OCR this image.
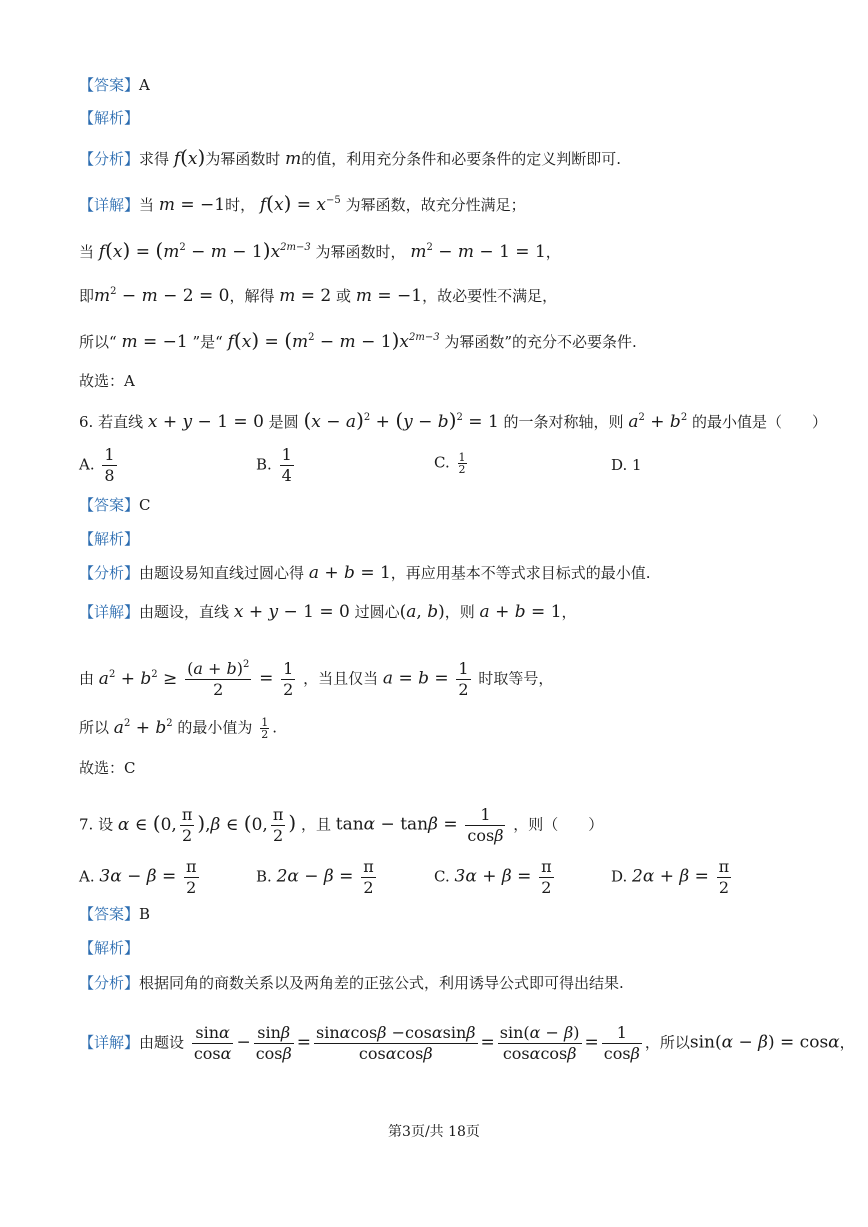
【答案】A
【解析】
【分析】求得 f(x)为幂函数时 m的值，利用充分条件和必要条件的定义判断即可.
【详解】当 m = −1时， $f(x) = x^{-5}$ 为幂函数，故充分性满足；
当 $f(x) = (m^2 - m - 1)x^{2m-3}$ 为幂函数时， $m^2 - m - 1 = 1$，
即$m^2 - m - 2 = 0$，解得 m = 2 或 m = −1，故必要性不满足，
所以“ m = −1 ”是“ $f(x) = (m^2 - m - 1)x^{2m-3}$ 为幂函数”的充分不必要条件.
故选：A
6. 若直线 x + y − 1 = 0 是圆 $(x - a)^2 + (y - b)^2 = 1$ 的一条对称轴，则 $a^2 + b^2$ 的最小值是（　　）
A. $\frac{1}{8}$	B. $\frac{1}{4}$	C. $\frac{1}{2}$	D. 1
【答案】C
【解析】
【分析】由题设易知直线过圆心得 a + b = 1，再应用基本不等式求目标式的最小值.
【详解】由题设，直线 x + y − 1 = 0 过圆心(a, b)，则 a + b = 1，
由 $a^2 + b^2 \ge \frac{(a + b)^2}{2} = \frac{1}{2}$ ，当且仅当 $a = b = \frac{1}{2}$ 时取等号，
所以 $a^2 + b^2$ 的最小值为 $\frac{1}{2}$ .
故选：C
7. 设 α ∈ (0, $\frac{\pi}{2} ),\beta$ ∈ (0, $\frac{\pi}{2}$ ) ，且 $\tan\alpha - \tan\beta = \frac{1}{\cos\beta}$ ，则（　　）
A. $3\alpha - \beta = \frac{\pi}{2}$	B. $2\alpha - \beta = \frac{\pi}{2}$	C. $3\alpha + \beta = \frac{\pi}{2}$	D. $2\alpha + \beta = \frac{\pi}{2}$
【答案】B
【解析】
【分析】根据同角的商数关系以及两角差的正弦公式，利用诱导公式即可得出结果.
【详解】由题设 $\frac{\sin\alpha}{\cos\alpha} - \frac{\sin\beta}{\cos\beta} = \frac{\sin\alpha\cos\beta -\cos\alpha\sin\beta}{\cos\alpha\cos\beta} = \frac{\sin(\alpha - \beta)}{\cos\alpha\cos\beta} = \frac{1}{\cos\beta}$ ，所以sin(α − β) = cosα，
第3页/共 18页
